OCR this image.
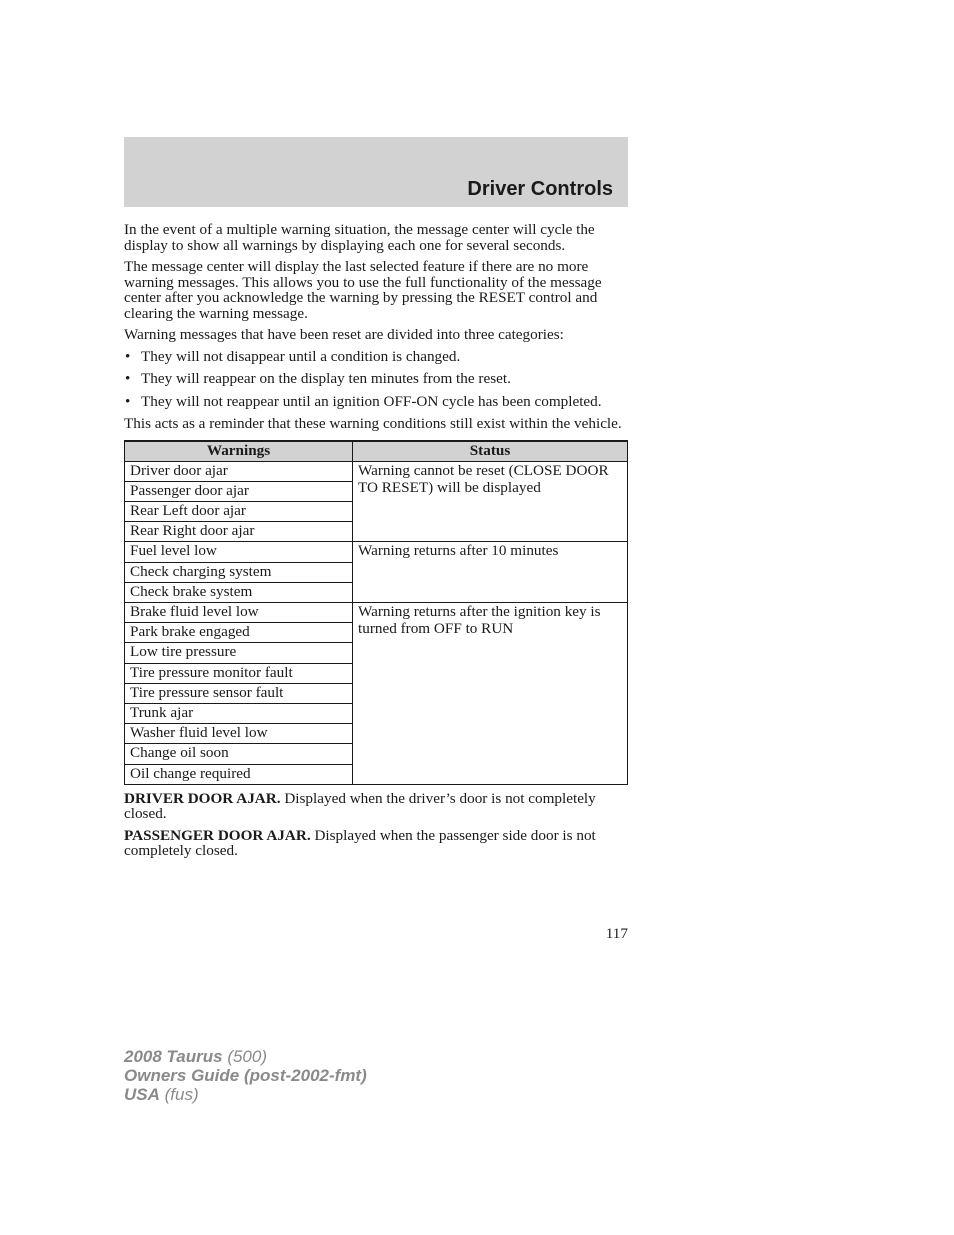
Driver Controls

In the event of a multiple warning situation, the message center will cycle the display to show all warnings by displaying each one for several seconds.

The message center will display the last selected feature if there are no more warning messages. This allows you to use the full functionality of the message center after you acknowledge the warning by pressing the RESET control and clearing the warning message.

Warning messages that have been reset are divided into three categories:

• They will not disappear until a condition is changed.
• They will reappear on the display ten minutes from the reset.
• They will not reappear until an ignition OFF-ON cycle has been completed.

This acts as a reminder that these warning conditions still exist within the vehicle.

Warnings	Status
Driver door ajar	Warning cannot be reset (CLOSE DOOR TO RESET) will be displayed
Passenger door ajar	
Rear Left door ajar	
Rear Right door ajar	
Fuel level low	Warning returns after 10 minutes
Check charging system	
Check brake system	
Brake fluid level low	Warning returns after the ignition key is turned from OFF to RUN
Park brake engaged	
Low tire pressure	
Tire pressure monitor fault	
Tire pressure sensor fault	
Trunk ajar	
Washer fluid level low	
Change oil soon	
Oil change required	

DRIVER DOOR AJAR. Displayed when the driver’s door is not completely closed.

PASSENGER DOOR AJAR. Displayed when the passenger side door is not completely closed.

117
2008 Taurus (500)
Owners Guide (post-2002-fmt)
USA (fus)
